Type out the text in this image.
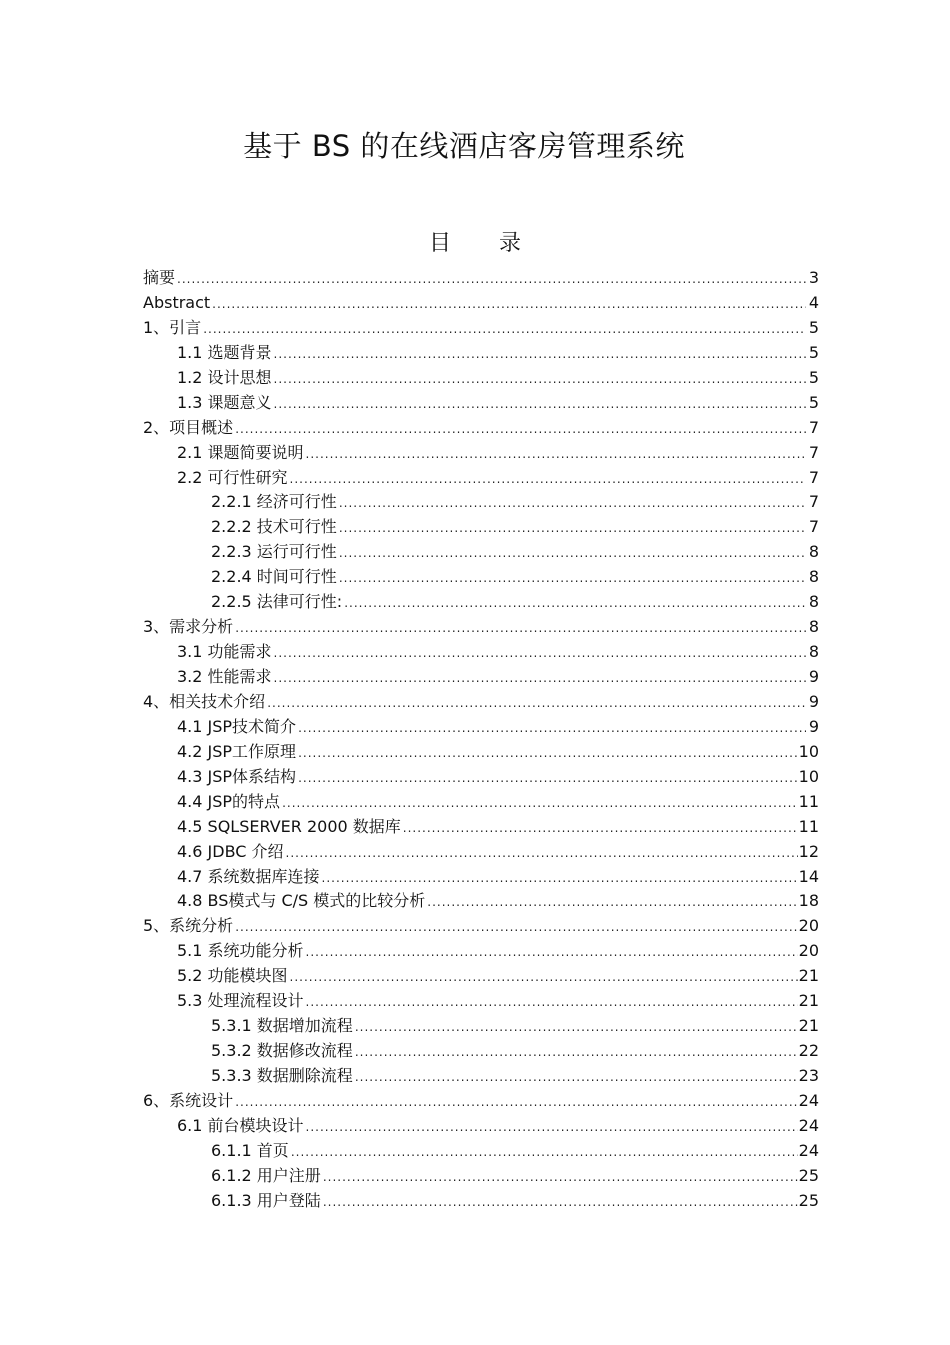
基于 BS 的在线酒店客房管理系统
目录
摘要 .....	3
Abstract .....	4
1、引言 .....	5
1.1 选题背景 .....	5
1.2 设计思想 .....	5
1.3 课题意义 .....	5
2、项目概述 .....	7
2.1 课题简要说明 .....	7
2.2 可行性研究 .....	7
2.2.1 经济可行性 .....	7
2.2.2 技术可行性 .....	7
2.2.3 运行可行性 .....	8
2.2.4 时间可行性 .....	8
2.2.5 法律可行性: .....	8
3、需求分析 .....	8
3.1 功能需求 .....	8
3.2 性能需求 .....	9
4、相关技术介绍 .....	9
4.1 JSP技术简介 .....	9
4.2 JSP工作原理 .....	10
4.3 JSP体系结构 .....	10
4.4 JSP的特点 .....	11
4.5 SQLSERVER 2000 数据库 .....	11
4.6 JDBC 介绍 .....	12
4.7 系统数据库连接 .....	14
4.8 BS模式与 C/S 模式的比较分析 .....	18
5、系统分析 .....	20
5.1 系统功能分析 .....	20
5.2 功能模块图 .....	21
5.3 处理流程设计 .....	21
5.3.1 数据增加流程 .....	21
5.3.2 数据修改流程 .....	22
5.3.3 数据删除流程 .....	23
6、系统设计 .....	24
6.1 前台模块设计 .....	24
6.1.1 首页 .....	24
6.1.2 用户注册 .....	25
6.1.3 用户登陆 .....	25
